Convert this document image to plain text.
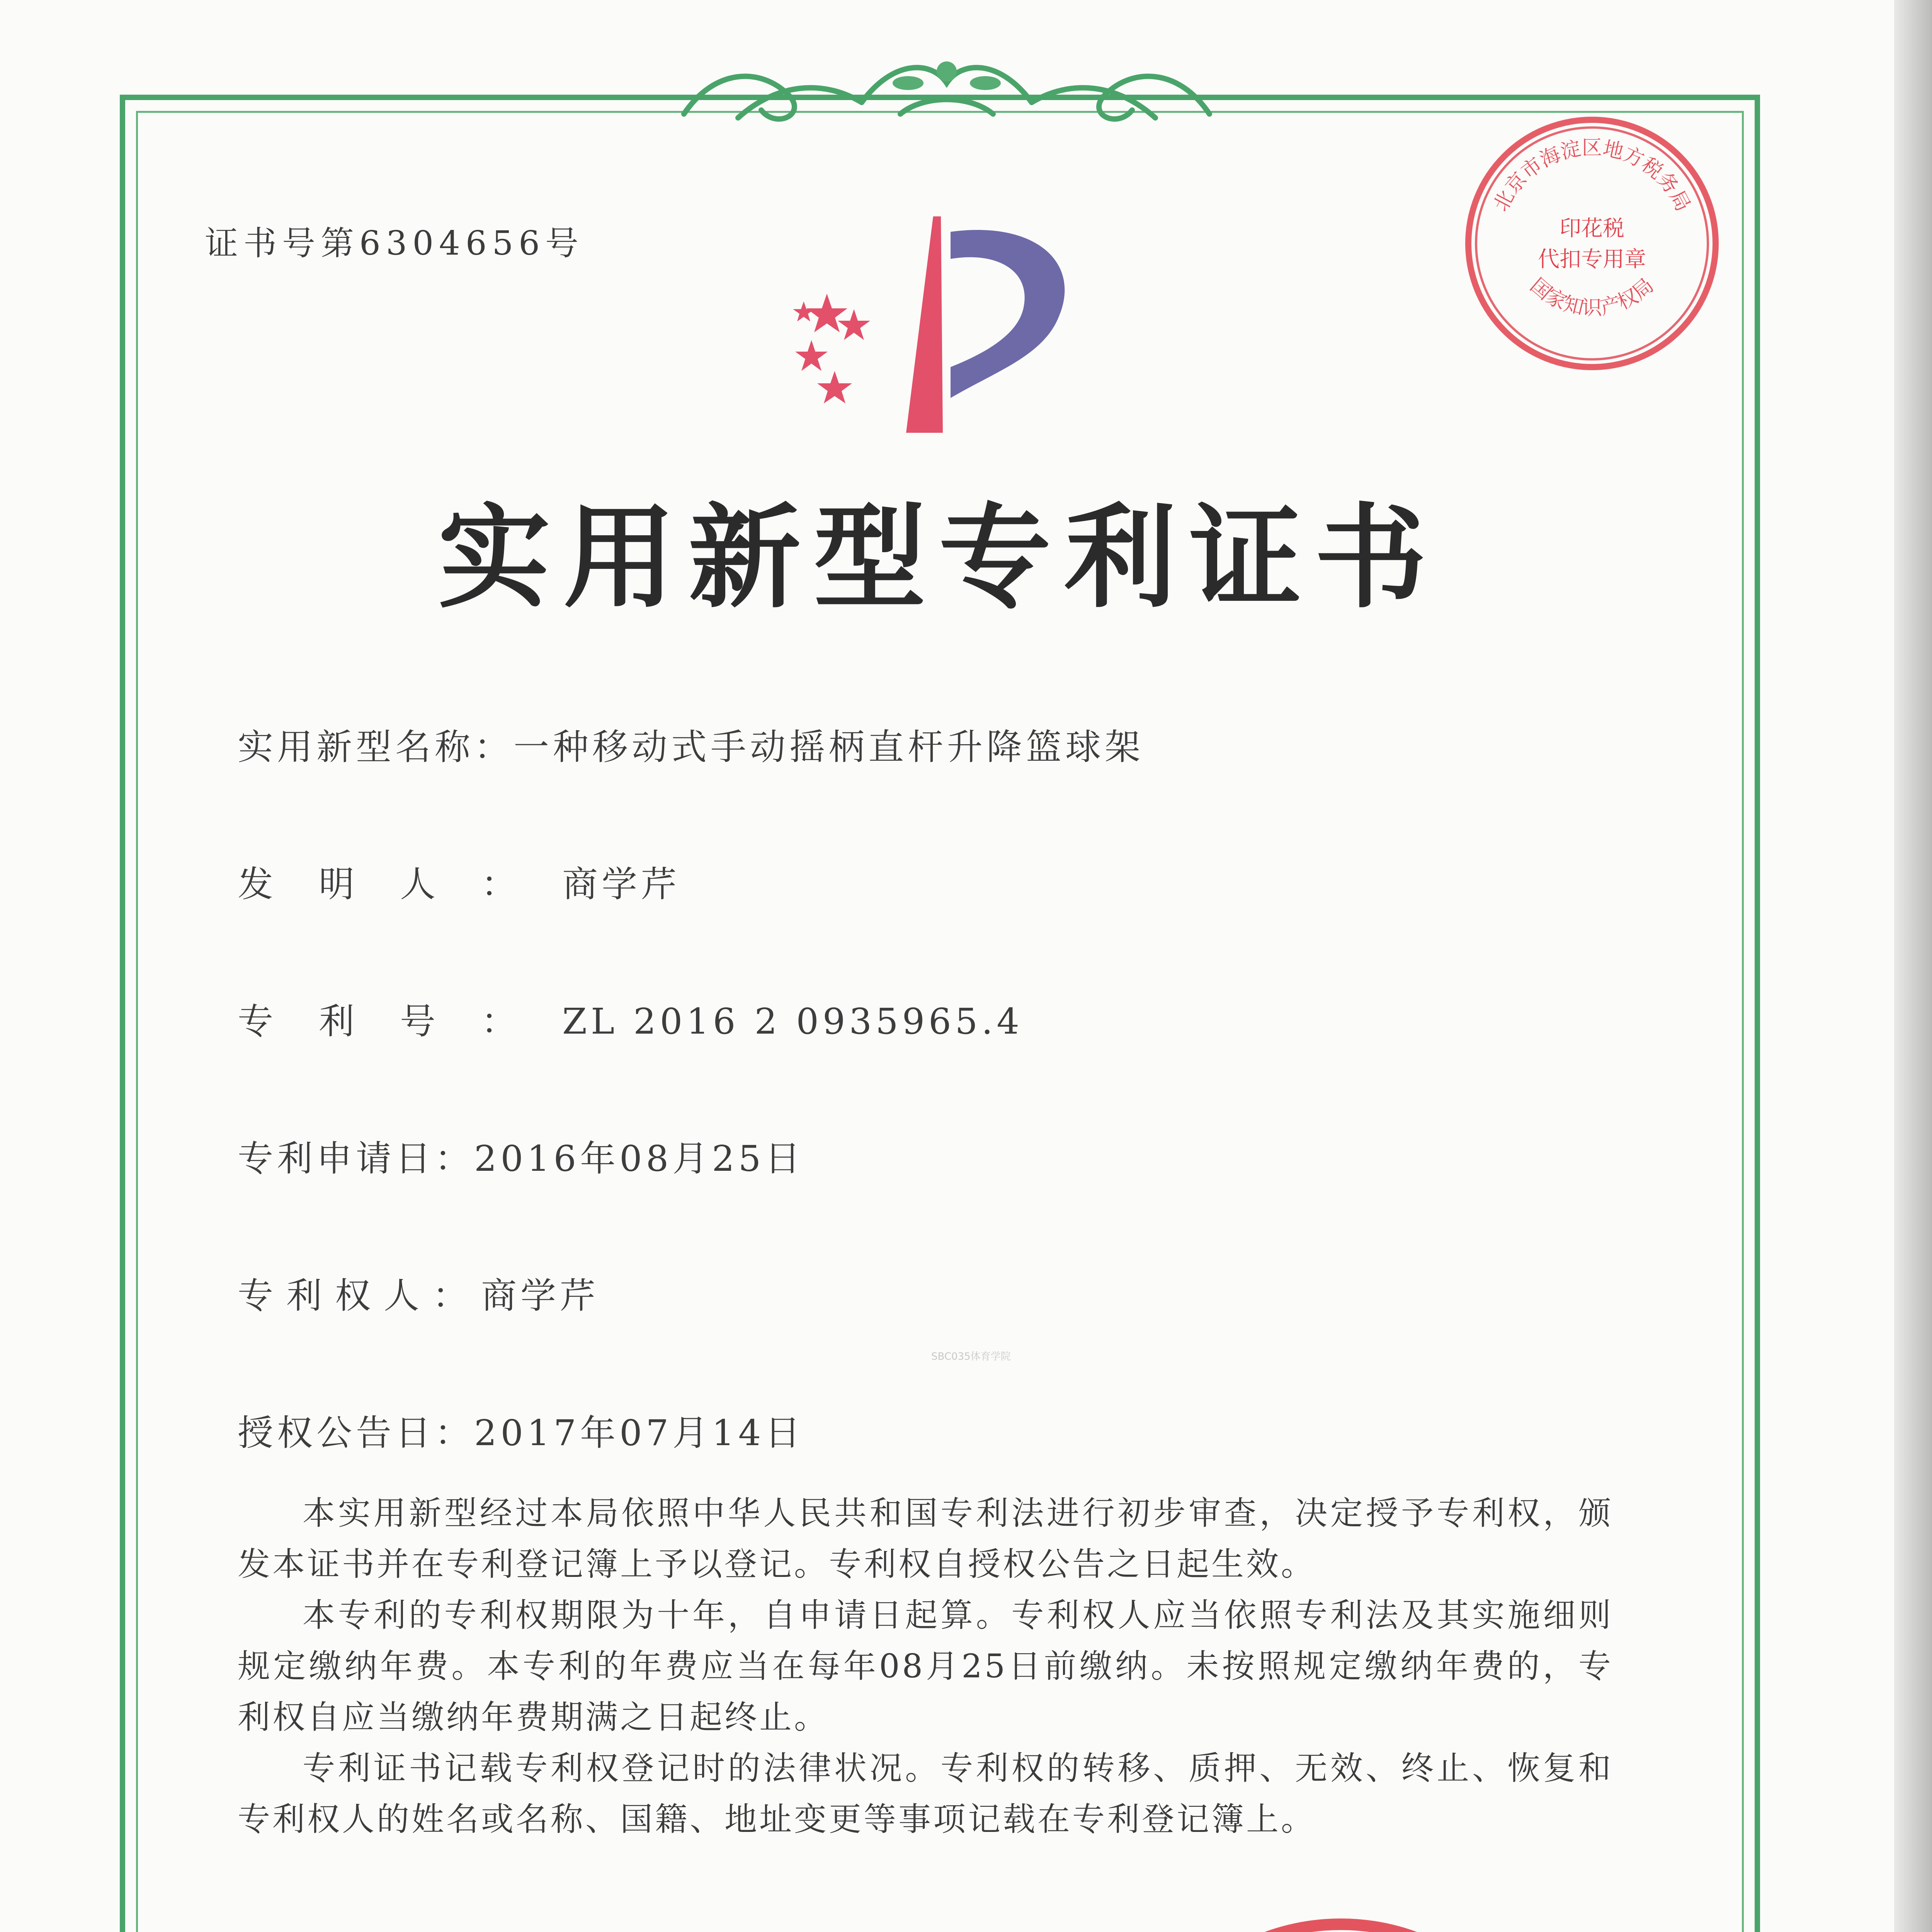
证书号第6304656号
实用新型专利证书
实用新型名称：一种移动式手动摇柄直杆升降篮球架
发明人：商学芹
专利号：ZL 2016 2 0935965.4
专利申请日：2016年08月25日
专利权人：商学芹
SBC035体育学院
授权公告日：2017年07月14日

本实用新型经过本局依照中华人民共和国专利法进行初步审查，决定授予专利权，颁发本证书并在专利登记簿上予以登记。专利权自授权公告之日起生效。

本专利的专利权期限为十年，自申请日起算。专利权人应当依照专利法及其实施细则规定缴纳年费。本专利的年费应当在每年08月25日前缴纳。未按照规定缴纳年费的，专利权自应当缴纳年费期满之日起终止。

专利证书记载专利权登记时的法律状况。专利权的转移、质押、无效、终止、恢复和专利权人的姓名或名称、国籍、地址变更等事项记载在专利登记簿上。

北京市海淀区地方税务局
国家知识产权局
印花税
代扣专用章
